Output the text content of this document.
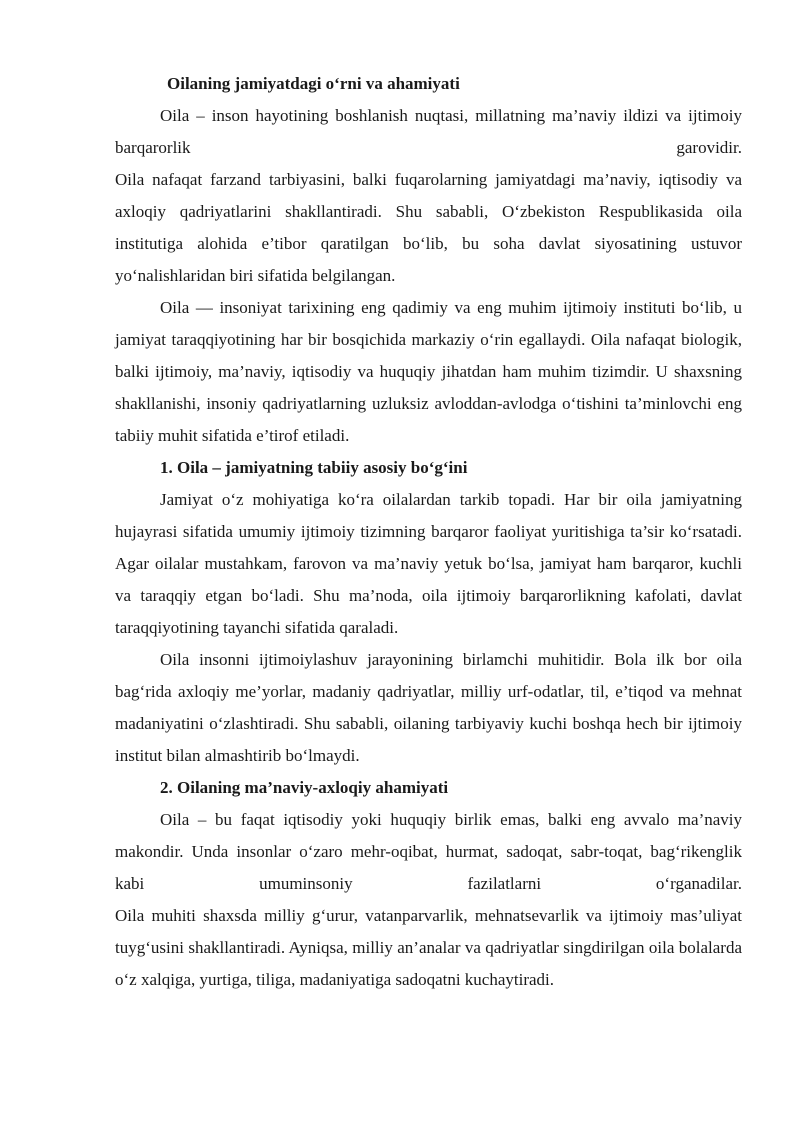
Oilaning jamiyatdagi o‘rni va ahamiyati

Oila – inson hayotining boshlanish nuqtasi, millatning ma’naviy ildizi va ijtimoiy barqarorlik garovidir.

Oila nafaqat farzand tarbiyasini, balki fuqarolarning jamiyatdagi ma’naviy, iqtisodiy va axloqiy qadriyatlarini shakllantiradi. Shu sababli, O‘zbekiston Respublikasida oila institutiga alohida e’tibor qaratilgan bo‘lib, bu soha davlat siyosatining ustuvor yo‘nalishlaridan biri sifatida belgilangan.

Oila — insoniyat tarixining eng qadimiy va eng muhim ijtimoiy instituti bo‘lib, u jamiyat taraqqiyotining har bir bosqichida markaziy o‘rin egallaydi. Oila nafaqat biologik, balki ijtimoiy, ma’naviy, iqtisodiy va huquqiy jihatdan ham muhim tizimdir. U shaxsning shakllanishi, insoniy qadriyatlarning uzluksiz avloddan-avlodga o‘tishini ta’minlovchi eng tabiiy muhit sifatida e’tirof etiladi.

1. Oila – jamiyatning tabiiy asosiy bo‘g‘ini

Jamiyat o‘z mohiyatiga ko‘ra oilalardan tarkib topadi. Har bir oila jamiyatning hujayrasi sifatida umumiy ijtimoiy tizimning barqaror faoliyat yuritishiga ta’sir ko‘rsatadi. Agar oilalar mustahkam, farovon va ma’naviy yetuk bo‘lsa, jamiyat ham barqaror, kuchli va taraqqiy etgan bo‘ladi. Shu ma’noda, oila ijtimoiy barqarorlikning kafolati, davlat taraqqiyotining tayanchi sifatida qaraladi.

Oila insonni ijtimoiylashuv jarayonining birlamchi muhitidir. Bola ilk bor oila bag‘rida axloqiy me’yorlar, madaniy qadriyatlar, milliy urf-odatlar, til, e’tiqod va mehnat madaniyatini o‘zlashtiradi. Shu sababli, oilaning tarbiyaviy kuchi boshqa hech bir ijtimoiy institut bilan almashtirib bo‘lmaydi.

2. Oilaning ma’naviy-axloqiy ahamiyati

Oila – bu faqat iqtisodiy yoki huquqiy birlik emas, balki eng avvalo ma’naviy makondir. Unda insonlar o‘zaro mehr-oqibat, hurmat, sadoqat, sabr-toqat, bag‘rikenglik kabi umuminsoniy fazilatlarni o‘rganadilar.

Oila muhiti shaxsda milliy g‘urur, vatanparvarlik, mehnatsevarlik va ijtimoiy mas’uliyat tuyg‘usini shakllantiradi. Ayniqsa, milliy an’analar va qadriyatlar singdirilgan oila bolalarda o‘z xalqiga, yurtiga, tiliga, madaniyatiga sadoqatni kuchaytiradi.
